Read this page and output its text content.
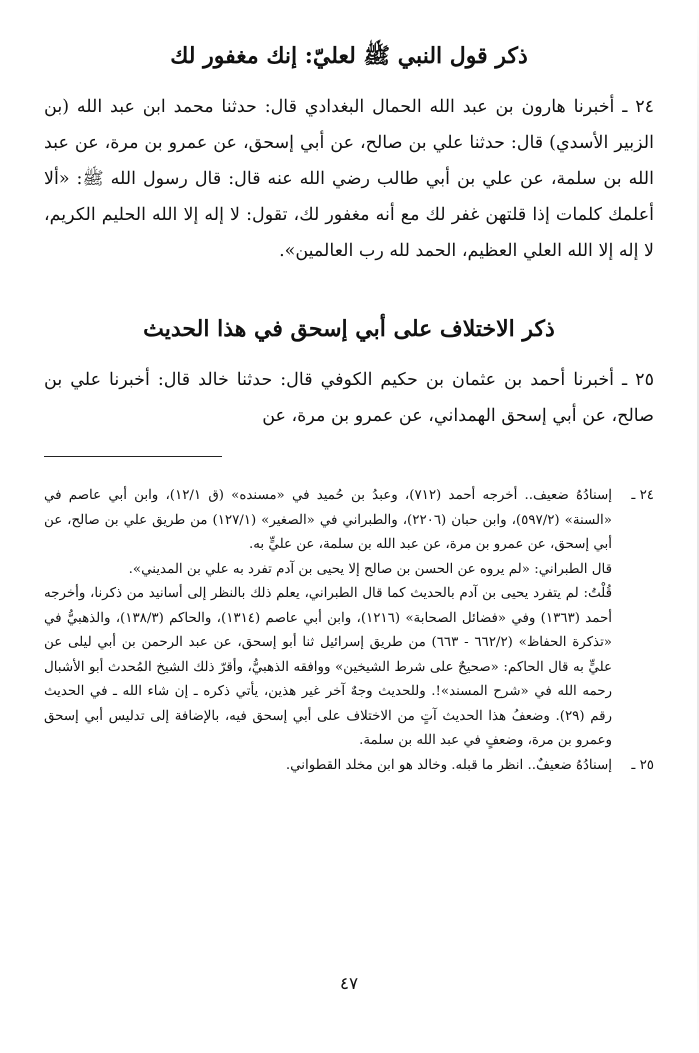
ذكر قول النبي ﷺ لعليّ: إنك مغفور لك

٢٤ ـ أخبرنا هارون بن عبد الله الحمال البغدادي قال: حدثنا محمد ابن عبد الله (بن الزبير الأسدي) قال: حدثنا علي بن صالح، عن أبي إسحق، عن عمرو بن مرة، عن عبد الله بن سلمة، عن علي بن أبي طالب رضي الله عنه قال: قال رسول الله ﷺ: «ألا أعلمك كلمات إذا قلتهن غفر لك مع أنه مغفور لك، تقول: لا إله إلا الله الحليم الكريم، لا إله إلا الله العلي العظيم، الحمد لله رب العالمين».

ذكر الاختلاف على أبي إسحق في هذا الحديث

٢٥ ـ أخبرنا أحمد بن عثمان بن حكيم الكوفي قال: حدثنا خالد قال: أخبرنا علي بن صالح، عن أبي إسحق الهمداني، عن عمرو بن مرة، عن

٢٤ ـ

إسنادُهُ ضعيف.. أخرجه أحمد (٧١٢)، وعبدُ بن حُميد في «مسنده» (ق ١٢/١)، وابن أبي عاصم في «السنة» (٥٩٧/٢)، وابن حبان (٢٢٠٦)، والطبراني في «الصغير» (١٢٧/١) من طريق علي بن صالح، عن أبي إسحق، عن عمرو بن مرة، عن عبد الله بن سلمة، عن عليٍّ به.

قال الطبراني: «لم يروه عن الحسن بن صالح إلا يحيى بن آدم تفرد به علي بن المديني».

قُلْتُ: لم يتفرد يحيى بن آدم بالحديث كما قال الطبراني، يعلم ذلك بالنظر إلى أسانيد من ذكرنا، وأخرجه أحمد (١٣٦٣) وفي «فضائل الصحابة» (١٢١٦)، وابن أبي عاصم (١٣١٤)، والحاكم (١٣٨/٣)، والذهبيُّ في «تذكرة الحفاظ» (٦٦٢/٢ - ٦٦٣) من طريق إسرائيل ثنا أبو إسحق، عن عبد الرحمن بن أبي ليلى عن عليٍّ به قال الحاكم: «صحيحٌ على شرط الشيخين» ووافقه الذهبيُّ، وأقرّ ذلك الشيخ المُحدث أبو الأشبال رحمه الله في «شرح المسند»!. وللحديث وجهٌ آخر غير هذين، يأتي ذكره ـ إن شاء الله ـ في الحديث رقم (٢٩). وضعفُ هذا الحديث آتٍ من الاختلاف على أبي إسحق فيه، بالإضافة إلى تدليس أبي إسحق وعمرو بن مرة، وضعفٍ في عبد الله بن سلمة.

٢٥ ـ

إسنادُهُ ضعيفٌ.. انظر ما قبله. وخالد هو ابن مخلد القطواني.

٤٧
